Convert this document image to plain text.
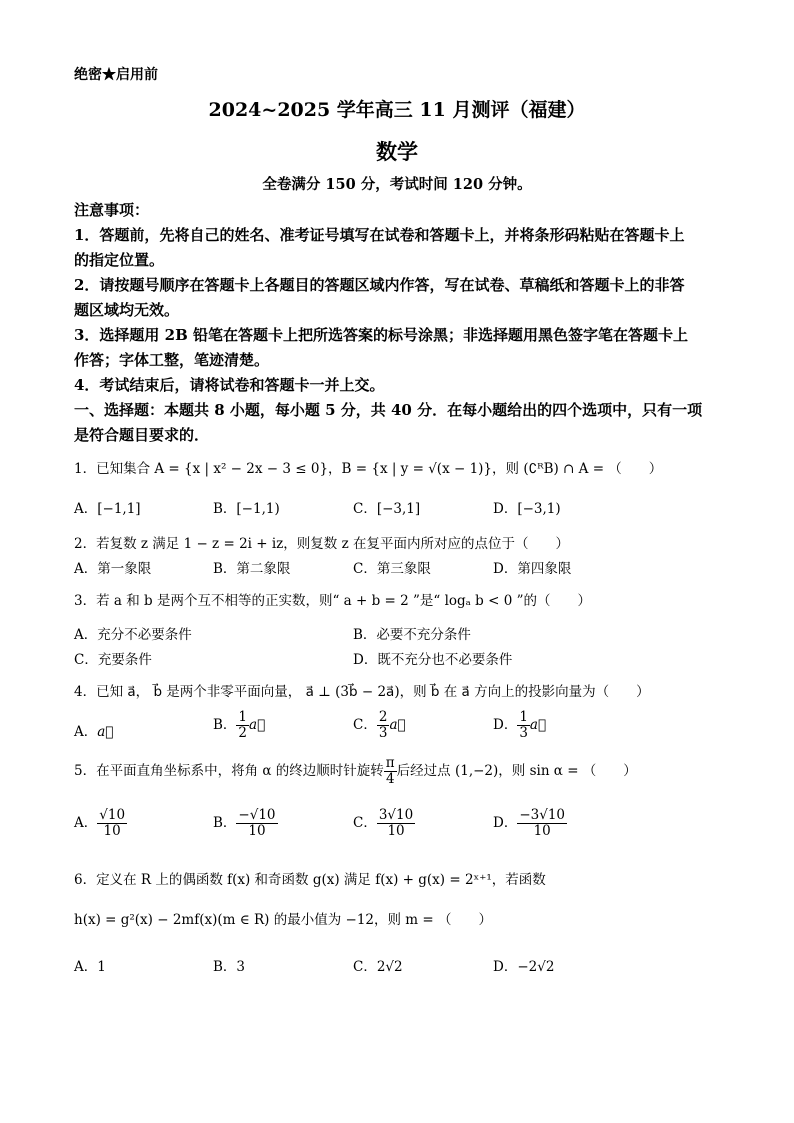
绝密★启用前
2024~2025 学年高三 11 月测评（福建）
数学
全卷满分 150 分，考试时间 120 分钟。
注意事项：
1．答题前，先将自己的姓名、准考证号填写在试卷和答题卡上，并将条形码粘贴在答题卡上
的指定位置。
2．请按题号顺序在答题卡上各题目的答题区域内作答，写在试卷、草稿纸和答题卡上的非答
题区域均无效。
3．选择题用 2B 铅笔在答题卡上把所选答案的标号涂黑；非选择题用黑色签字笔在答题卡上
作答；字体工整，笔迹清楚。
4．考试结束后，请将试卷和答题卡一并上交。
一、选择题：本题共 8 小题，每小题 5 分，共 40 分．在每小题给出的四个选项中，只有一项
是符合题目要求的．
1．已知集合 A = {x | x² − 2x − 3 ≤ 0}，B = {x | y = √(x − 1)}，则 (∁ᴿB) ∩ A = （　　）
A．[−1,1]	B．[−1,1)	C．[−3,1]	D．[−3,1)
2．若复数 z 满足 1 − z = 2i + iz，则复数 z 在复平面内所对应的点位于（　　）
A．第一象限	B．第二象限	C．第三象限	D．第四象限
3．若 a 和 b 是两个互不相等的正实数，则“ a + b = 2 ”是“ logₐ b < 0 ”的（　　）
A．充分不必要条件	B．必要不充分条件
C．充要条件	D．既不充分也不必要条件
4．已知 a⃗， b⃗ 是两个非零平面向量， a⃗ ⊥ (3b⃗ − 2a⃗)，则 b⃗ 在 a⃗ 方向上的投影向量为（　　）
A．a⃗	B． $\frac{1}{2}$ a⃗	C． $\frac{2}{3}$ a⃗	D． $\frac{1}{3}$ a⃗
5．在平面直角坐标系中，将角 α 的终边顺时针旋转 $\frac{\pi}{4}$ 后经过点 (1,−2)，则 sin α = （　　）
A． $\frac{√10}{10}$	B． $\frac{-√10}{10}$	C． $\frac{3√10}{10}$	D． $\frac{-3√10}{10}$
6．定义在 R 上的偶函数 f(x) 和奇函数 g(x) 满足 f(x) + g(x) = 2ˣ⁺¹，若函数
h(x) = g²(x) − 2mf(x)(m ∈ R) 的最小值为 −12，则 m = （　　）
A．1	B．3	C．2√2	D．−2√2
